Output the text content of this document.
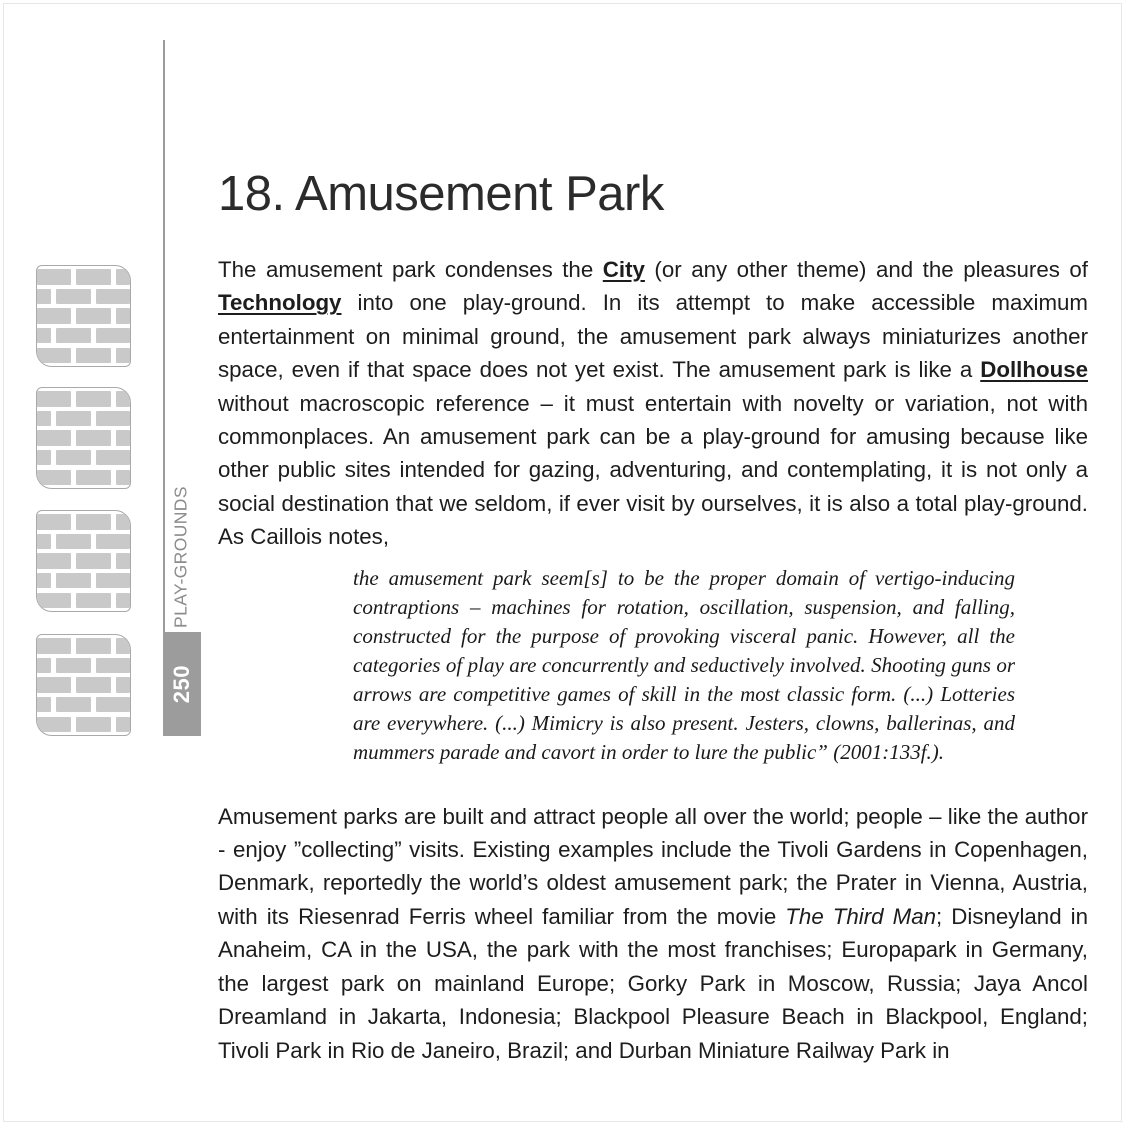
PLAY-GROUNDS
250
18. Amusement Park

The amusement park condenses the City (or any other theme) and the pleasures of Technology into one play-ground. In its attempt to make accessible maximum entertainment on minimal ground, the amusement park always miniaturizes another space, even if that space does not yet exist. The amusement park is like a Dollhouse without macroscopic reference – it must entertain with novelty or variation, not with commonplaces. An amusement park can be a play-ground for amusing because like other public sites intended for gazing, adventuring, and contemplating, it is not only a social destination that we seldom, if ever visit by ourselves, it is also a total play-ground. As Caillois notes,

the amusement park seem[s] to be the proper domain of vertigo-inducing contraptions – machines for rotation, oscillation, suspension, and falling, constructed for the purpose of provoking visceral panic. However, all the categories of play are concurrently and seductively involved. Shooting guns or arrows are competitive games of skill in the most classic form. (...) Lotteries are everywhere. (...) Mimicry is also present. Jesters, clowns, ballerinas, and mummers parade and cavort in order to lure the public” (2001:133f.).

Amusement parks are built and attract people all over the world; people – like the author - enjoy ”collecting” visits. Existing examples include the Tivoli Gardens in Copenhagen, Denmark, reportedly the world’s oldest amusement park; the Prater in Vienna, Austria, with its Riesenrad Ferris wheel familiar from the movie The Third Man; Disneyland in Anaheim, CA in the USA, the park with the most franchises; Europapark in Germany, the largest park on mainland Europe; Gorky Park in Moscow, Russia; Jaya Ancol Dreamland in Jakarta, Indonesia; Blackpool Pleasure Beach in Blackpool, England; Tivoli Park in Rio de Janeiro, Brazil; and Durban Miniature Railway Park in
